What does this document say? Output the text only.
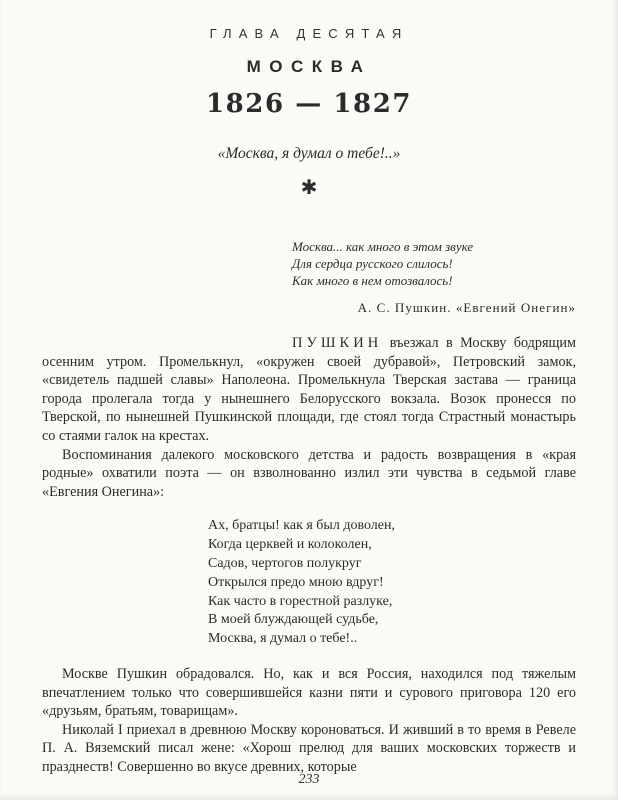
ГЛАВА ДЕСЯТАЯ
МОСКВА
1826 — 1827
«Москва, я думал о тебе!..»
✱
Москва... как много в этом звуке
Для сердца русского слилось!
Как много в нем отозвалось!
А. С. Пушкин. «Евгений Онегин»

ПУШКИН въезжал в Москву бодрящим осенним утром. Промелькнул, «окружен своей дубравой», Петровский замок, «свидетель падшей славы» Наполеона. Промелькнула Тверская застава — граница города пролегала тогда у нынешнего Белорусского вокзала. Возок пронесся по Тверской, по нынешней Пушкинской площади, где стоял тогда Страстный монастырь со стаями галок на крестах.

Воспоминания далекого московского детства и радость возвращения в «края родные» охватили поэта — он взволнованно излил эти чувства в седьмой главе «Евгения Онегина»:

Ах, братцы! как я был доволен,
Когда церквей и колоколен,
Садов, чертогов полукруг
Открылся предо мною вдруг!
Как часто в горестной разлуке,
В моей блуждающей судьбе,
Москва, я думал о тебе!..

Москве Пушкин обрадовался. Но, как и вся Россия, находился под тяжелым впечатлением только что совершившейся казни пяти и сурового приговора 120 его «друзьям, братьям, товарищам».

Николай I приехал в древнюю Москву короноваться. И живший в то время в Ревеле П. А. Вяземский писал жене: «Хорош прелюд для ваших московских торжеств и празднеств! Совершенно во вкусе древних, которые

233
